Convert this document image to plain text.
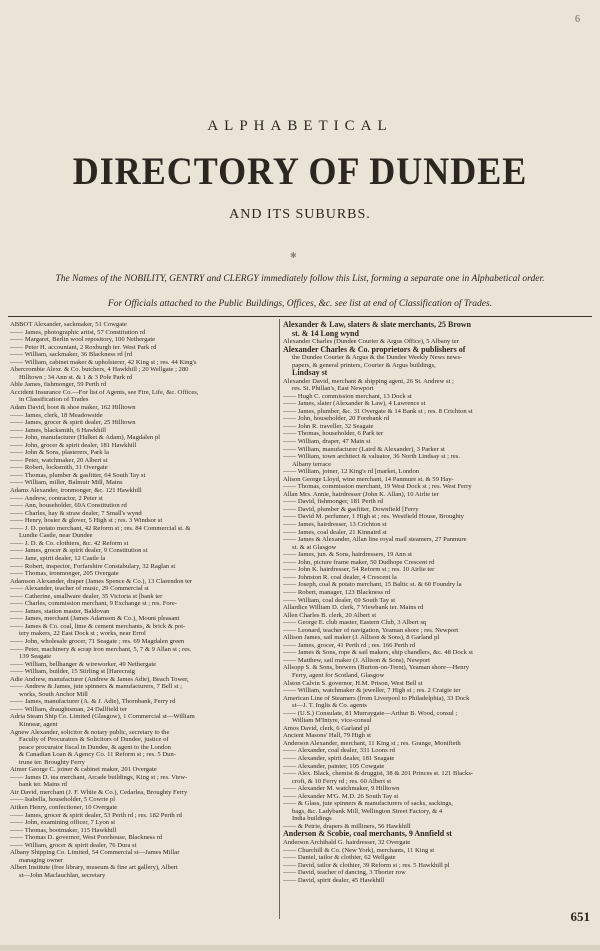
6
ALPHABETICAL
DIRECTORY OF DUNDEE
AND ITS SUBURBS.
✱
The Names of the NOBILITY, GENTRY and CLERGY immediately follow this List, forming a separate one in Alphabetical order.
For Officials attached to the Public Buildings, Offices, &c. see list at end of Classification of Trades.
ABBOT Alexander, sackmaker, 51 Cowgate
—— James, photographic artist, 57 Constitution rd
—— Margaret, Berlin wool repository, 100 Nethergate
—— Peter H. accountant, 2 Roxburgh ter. West Park rd
—— William, sackmaker, 36 Blackness rd [rd
—— William, cabinet maker & upholsterer, 42 King st ; res. 44 King's
Abercrombie Alexr. & Co. butchers, 4 Hawkhill ; 20 Wellgate ; 280
Hilltown ; 34 Ann st. & 1 & 3 Pole Park rd
Able James, fishmonger, 59 Perth rd
Accident Insurance Co.—For list of Agents, see Fire, Life, &c. Offices,
in Classification of Trades
Adam David, boot & shoe maker, 162 Hilltown
—— James, clerk, 18 Meadowside
—— James, grocer & spirit dealer, 25 Hilltown
—— James, blacksmith, 6 Hawkhill
—— John, manufacturer (Halket & Adam), Magdalen pl
—— John, grocer & spirit dealer, 181 Hawkhill
—— John & Sons, plasterers, Park la
—— Peter, watchmaker, 20 Albert st
—— Robert, locksmith, 31 Overgate
—— Thomas, plumber & gasfitter, 64 South Tay st
—— William, miller, Balmuir Mill, Mains
Adams Alexander, ironmonger, &c. 121 Hawkhill
—— Andrew, contractor, 2 Peter st
—— Ann, householder, 69A Constitution rd
—— Charles, hay & straw dealer, 7 Small's wynd
—— Henry, hosier & glover, 5 High st ; res. 3 Windsor st
—— J. D. potato merchant, 42 Reform st ; res. 84 Commercial st. &
Lundie Castle, near Dundee
—— J. D. & Co. clothiers, &c. 42 Reform st
—— James, grocer & spirit dealer, 9 Constitution st
—— Jane, spirit dealer, 12 Castle la
—— Robert, inspector, Forfarshire Constabulary, 32 Raglan st
—— Thomas, ironmonger, 205 Overgate
Adamson Alexander, draper (James Spence & Co.), 13 Clarendon ter
—— Alexander, teacher of music, 29 Commercial st
—— Catherine, smallware dealer, 35 Victoria st [bank ter
—— Charles, commission merchant, 9 Exchange st ; res. Fore-
—— James, station master, Baldovan
—— James, merchant (James Adamson & Co.), Mount pleasant
—— James & Co. coal, lime & cement merchants, & brick & pot-
tery makers, 22 East Dock st ; works, near Errol
—— John, wholesale grocer, 71 Seagate ; res. 69 Magdalen green
—— Peter, machinery & scrap iron merchant, 5, 7 & 9 Allan st ; res.
139 Seagate
—— William, bellhanger & wireworker, 49 Nethergate
—— William, builder, 15 Stirling st [Harecraig
Adie Andrew, manufacturer (Andrew & James Adie), Beach Tower,
—— Andrew & James, jute spinners & manufacturers, 7 Bell st ;
works, South Anchor Mill
—— James, manufacturer (A. & J. Adie), Thornbank, Ferry rd
—— William, draughtsman, 24 Dallfield ter
Adria Steam Ship Co. Limited (Glasgow), 1 Commercial st—William
Kinnear, agent
Agnew Alexander, solicitor & notary public, secretary to the
Faculty of Procurators & Solicitors of Dundee, justice of
peace procurator fiscal in Dundee, & agent to the London
& Canadian Loan & Agency Co. 11 Reform st ; res. 5 Dun-
trune ter. Broughty Ferry
Aimer George C. joiner & cabinet maker, 201 Overgate
—— James D. tea merchant, Arcade buildings, King st ; res. View-
bank ter. Mains rd
Air David, merchant (J. F. White & Co.), Cedarlea, Broughty Ferry
—— Isabella, householder, 5 Cowrie pl
Aitken Henry, confectioner, 10 Overgate
—— James, grocer & spirit dealer, 53 Perth rd ; res. 182 Perth rd
—— John, examining officer, 7 Lyon st
—— Thomas, bootmaker, 115 Hawkhill
—— Thomas D. governor, West Poorhouse, Blackness rd
—— William, grocer & spirit dealer, 76 Dura st
Albany Shipping Co. Limited, 54 Commercial st—James Millar
managing owner
Albert Institute (free library, museum & fine art gallery), Albert
st—John Maclauchlan, secretary
Alexander & Law, slaters & slate merchants, 25 Brown
st. & 14 Long wynd
Alexander Charles (Dundee Courier & Argus Office), 5 Albany ter
Alexander Charles & Co. proprietors & publishers of
the Dundee Courier & Argus & the Dundee Weekly News news-
papers, & general printers, Courier & Argus buildings,
Lindsay st
Alexander David, merchant & shipping agent, 26 St. Andrew st ;
res. St. Phillan's, East Newport
—— Hugh C. commission merchant, 13 Dock st
—— James, slater (Alexander & Law), 4 Lawrence st
—— James, plumber, &c. 31 Overgate & 14 Bank st ; res. 8 Crichton st
—— John, householder, 20 Forebank rd
—— John R. traveller, 32 Seagate
—— Thomas, householder, 6 Park ter
—— William, draper, 47 Main st
—— William, manufacturer (Laird & Alexander), 3 Parker st
—— William, town architect & valuator, 36 North Lindsay st ; res.
Albany terrace
—— William, joiner, 12 King's rd [market, London
Alison George Lloyd, wine merchant, 14 Panmure st. & 59 Hay-
—— Thomas, commission merchant, 19 West Dock st ; res. West Ferry
Allan Mrs. Annie, hairdresser (John K. Allan), 10 Airlie ter
—— David, fishmonger, 181 Perth rd
—— David, plumber & gasfitter, Downfield [Ferry
—— David M. perfumer, 1 High st ; res. Westfield House, Broughty
—— James, hairdresser, 13 Crichton st
—— James, coal dealer, 21 Kinnaird st
—— James & Alexander, Allan line royal mail steamers, 27 Panmure
st. & at Glasgow
—— James, jun. & Sons, hairdressers, 19 Ann st
—— John, picture frame maker, 50 Dudhope Crescent rd
—— John K. hairdresser, 54 Reform st ; res. 10 Airlie ter
—— Johnston R. coal dealer, 4 Crescent la
—— Joseph, coal & potato merchant, 15 Baltic st. & 60 Foundry la
—— Robert, manager, 123 Blackness rd
—— William, coal dealer, 69 South Tay st
Allardice William D. clerk, 7 Viewbank ter. Mains rd
Allen Charles B. clerk, 20 Albert st
—— George E. club master, Eastern Club, 3 Albert sq
—— Leonard, teacher of navigation, Yeaman shore ; res. Newport
Allison James, sail maker (J. Allison & Sons), 8 Garland pl
—— James, grocer, 41 Perth rd ; res. 166 Perth rd
—— James & Sons, rope & sail makers, ship chandlers, &c. 48 Dock st
—— Matthew, sail maker (J. Allison & Sons), Newport
Allsopp S. & Sons, brewers (Burton-on-Trent), Yeaman shore—Henry
Ferry, agent for Scotland, Glasgow
Alston Calvin S. governor, H.M. Prison, West Bell st
—— William, watchmaker & jeweller, 7 High st ; res. 2 Craigie ter
American Line of Steamers (from Liverpool to Philadelphia), 33 Dock
st—J. T. Inglis & Co. agents
—— (U.S.) Consulate, 81 Murraygate—Arthur B. Wood, consul ;
William M'Intyre, vice-consul
Amos David, clerk, 6 Garland pl
Ancient Masons' Hall, 79 High st
Anderson Alexander, merchant, 11 King st ; res. Grange, Monifieth
—— Alexander, coal dealer, 331 Loons rd
—— Alexander, spirit dealer, 181 Seagate
—— Alexander, painter, 105 Cowgate
—— Alex. Black, chemist & druggist, 38 & 201 Princes st. 121 Blacks-
croft, & 10 Ferry rd ; res. 60 Albert st
—— Alexander M. watchmaker, 9 Hilltown
—— Alexander M'G. M.D. 26 South Tay st
—— & Glass, jute spinners & manufacturers of sacks, sackings,
bags, &c. Ladybank Mill, Wellington Street Factory, & 4
India buildings
—— & Petrie, drapers & milliners, 56 Hawkhill
Anderson & Scobie, coal merchants, 9 Annfield st
Anderson Archibald G. hairdresser, 32 Overgate
—— Churchill & Co. (New York), merchants, 11 King st
—— Daniel, tailor & clothier, 62 Wellgate
—— David, tailor & clothier, 39 Reform st ; res. 5 Hawkhill pl
—— David, teacher of dancing, 3 Thorter row
—— David, spirit dealer, 45 Hawkhill
651
